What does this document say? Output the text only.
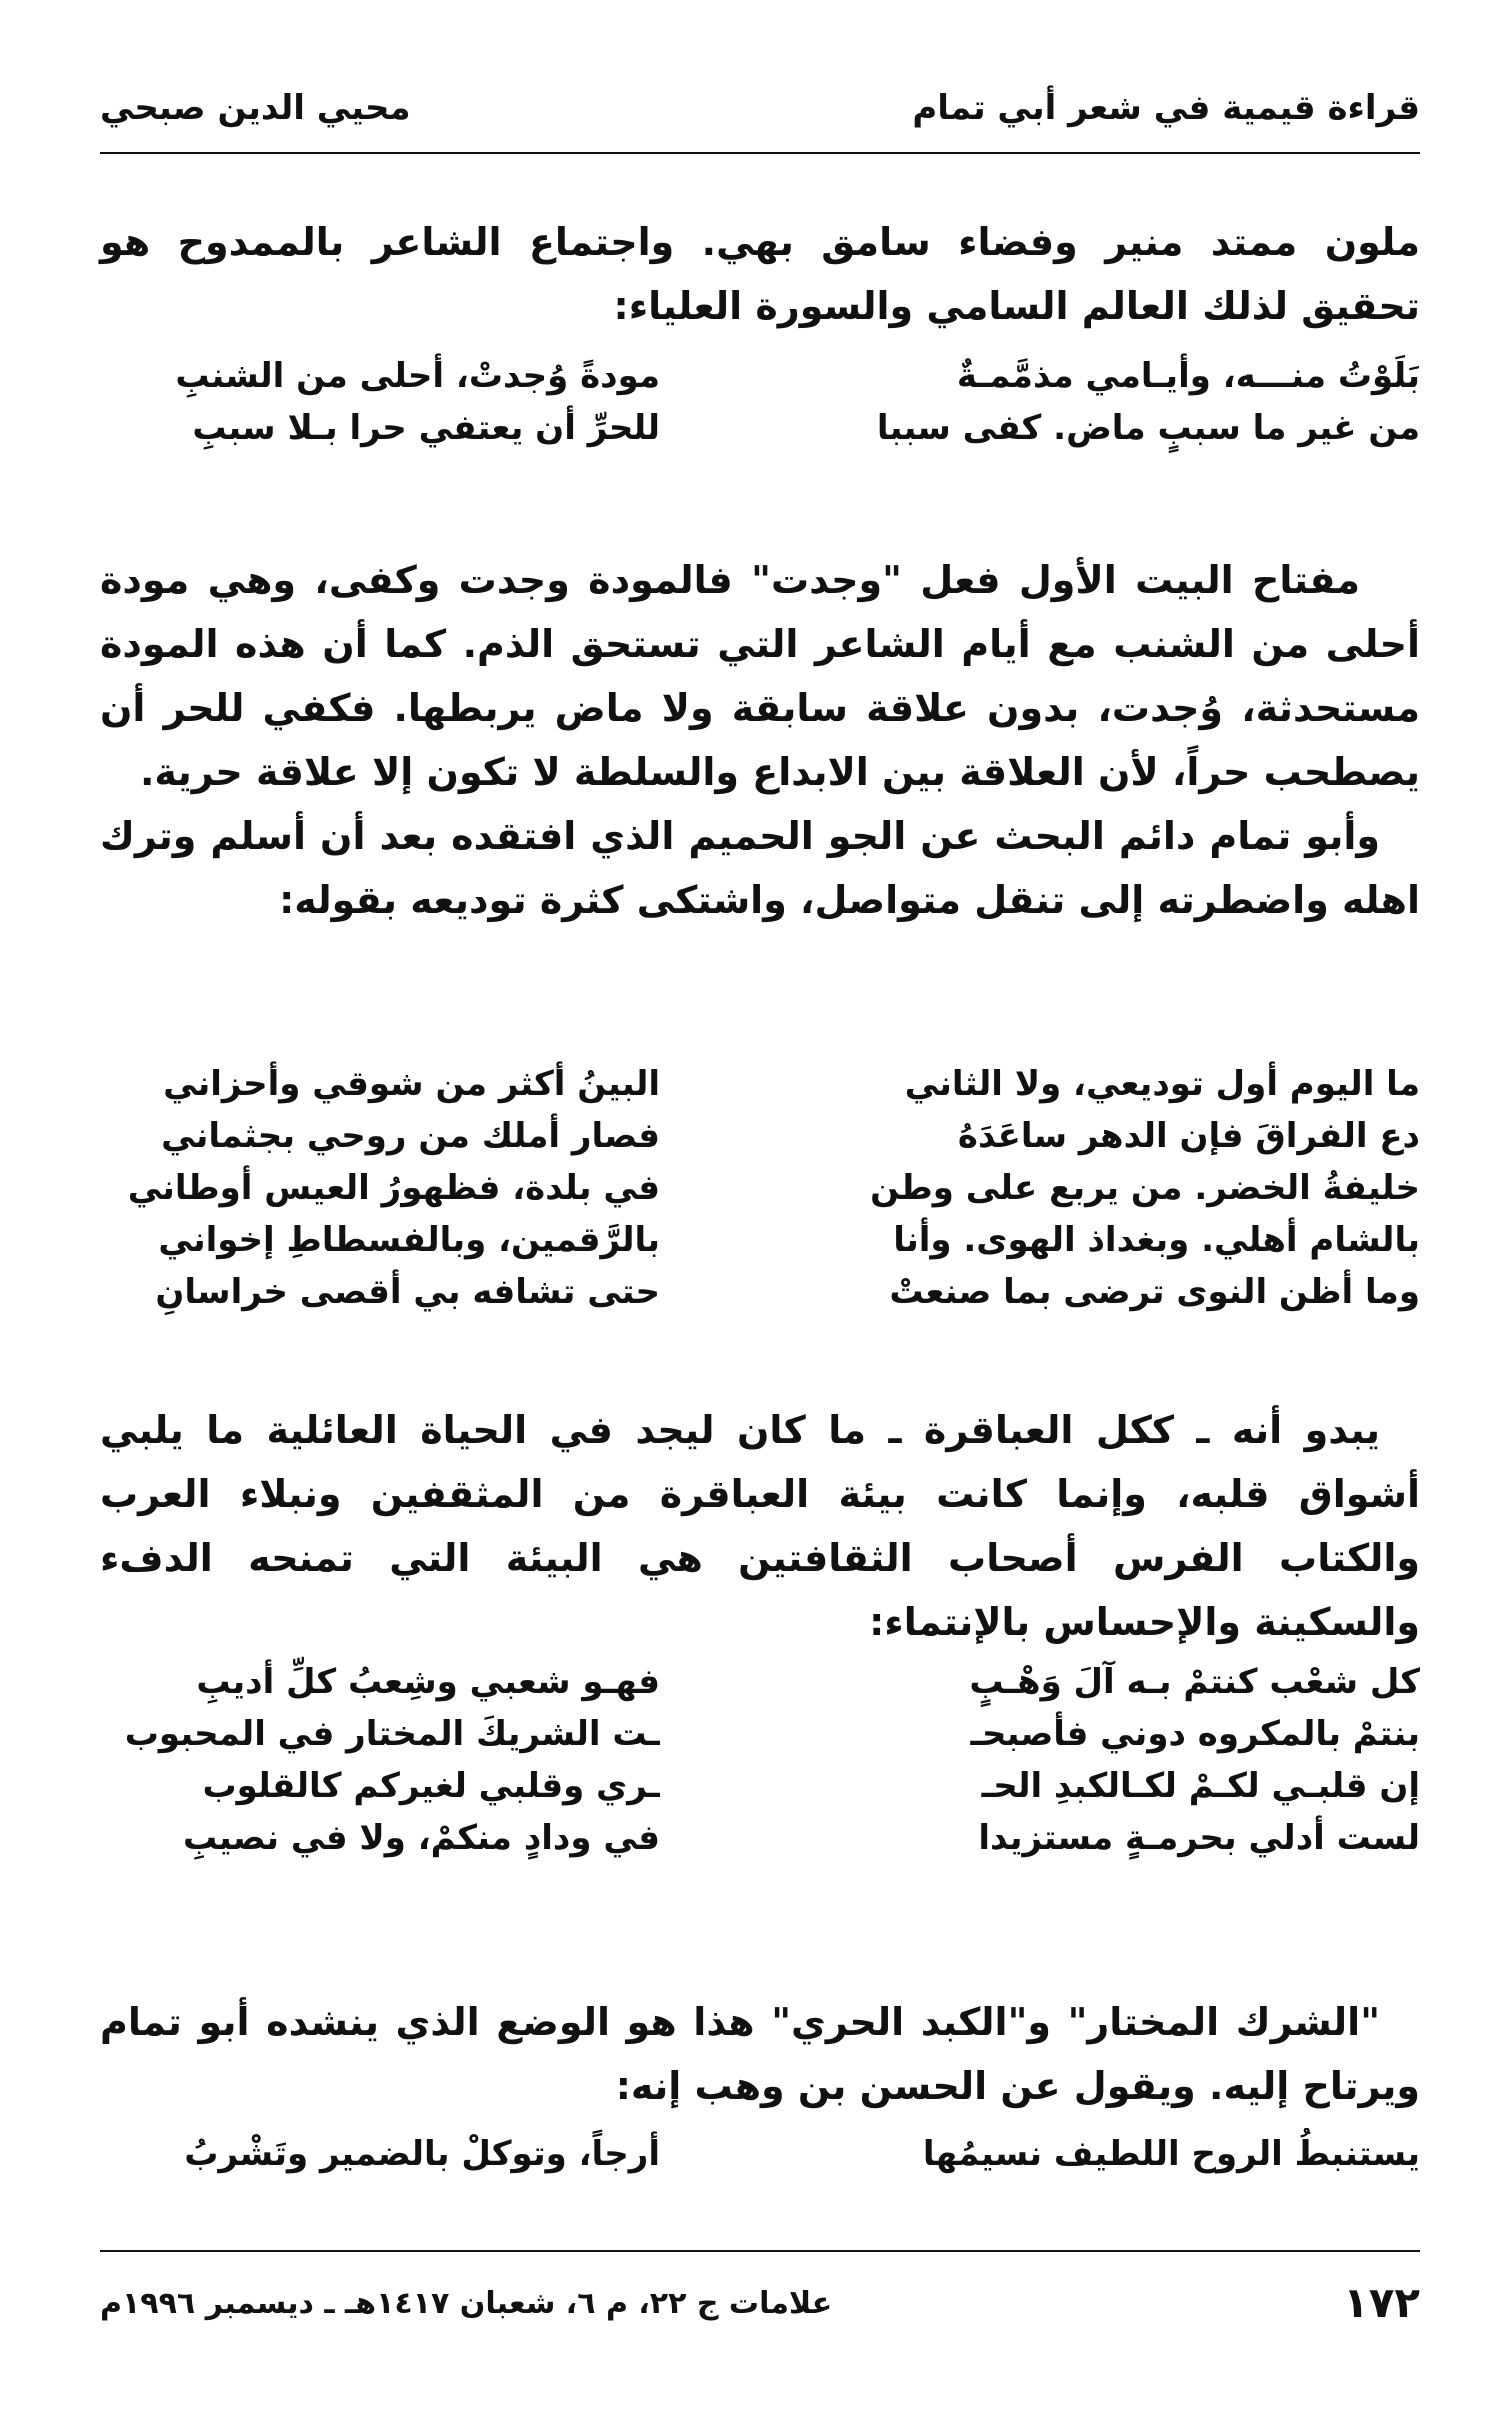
قراءة قيمية في شعر أبي تمام
محيي الدين صبحي
ملون ممتد منير وفضاء سامق بهي. واجتماع الشاعر بالممدوح هو تحقيق لذلك العالم السامي والسورة العلياء:
بَلَوْتُ منـــه، وأيـامي مذمَّمـةٌ
مودةً وُجدتْ، أحلى من الشنبِ
من غير ما سببٍ ماض. كفى سببا
للحرِّ أن يعتفي حرا بـلا سببِ
مفتاح البيت الأول فعل "وجدت" فالمودة وجدت وكفى، وهي مودة أحلى من الشنب مع أيام الشاعر التي تستحق الذم. كما أن هذه المودة مستحدثة، وُجدت، بدون علاقة سابقة ولا ماض يربطها. فكفي للحر أن يصطحب حراً، لأن العلاقة بين الابداع والسلطة لا تكون إلا علاقة حرية.
وأبو تمام دائم البحث عن الجو الحميم الذي افتقده بعد أن أسلم وترك اهله واضطرته إلى تنقل متواصل، واشتكى كثرة توديعه بقوله:
ما اليوم أول توديعي، ولا الثاني
البينُ أكثر من شوقي وأحزاني
دع الفراقَ فإن الدهر ساعَدَهُ
فصار أملك من روحي بجثماني
خليفةُ الخضر. من يربع على وطن
في بلدة، فظهورُ العيس أوطاني
بالشام أهلي. وبغداذ الهوى. وأنا
بالرَّقمين، وبالفسطاطِ إخواني
وما أظن النوى ترضى بما صنعتْ
حتى تشافه بي أقصى خراسانِ
يبدو أنه ـ ككل العباقرة ـ ما كان ليجد في الحياة العائلية ما يلبي أشواق قلبه، وإنما كانت بيئة العباقرة من المثقفين ونبلاء العرب والكتاب الفرس أصحاب الثقافتين هي البيئة التي تمنحه الدفء والسكينة والإحساس بالإنتماء:
كل شعْب كنتمْ بـه آلَ وَهْـبٍ
فهـو شعبي وشِعبُ كلِّ أديبِ
بنتمْ بالمكروه دوني فأصبحـ
ـت الشريكَ المختار في المحبوب
إن قلبـي لكـمْ لكـالكبدِ الحـ
ـري وقلبي لغيركم كالقلوب
لست أدلي بحرمـةٍ مستزيدا
في ودادٍ منكمْ، ولا في نصيبِ
"الشرك المختار" و"الكبد الحري" هذا هو الوضع الذي ينشده أبو تمام ويرتاح إليه. ويقول عن الحسن بن وهب إنه:
يستنبطُ الروح اللطيف نسيمُها
أرجاً، وتوكلْ بالضمير وتَشْربُ
١٧٢
علامات ج ٢٢، م ٦، شعبان ١٤١٧هـ ـ ديسمبر ١٩٩٦م
